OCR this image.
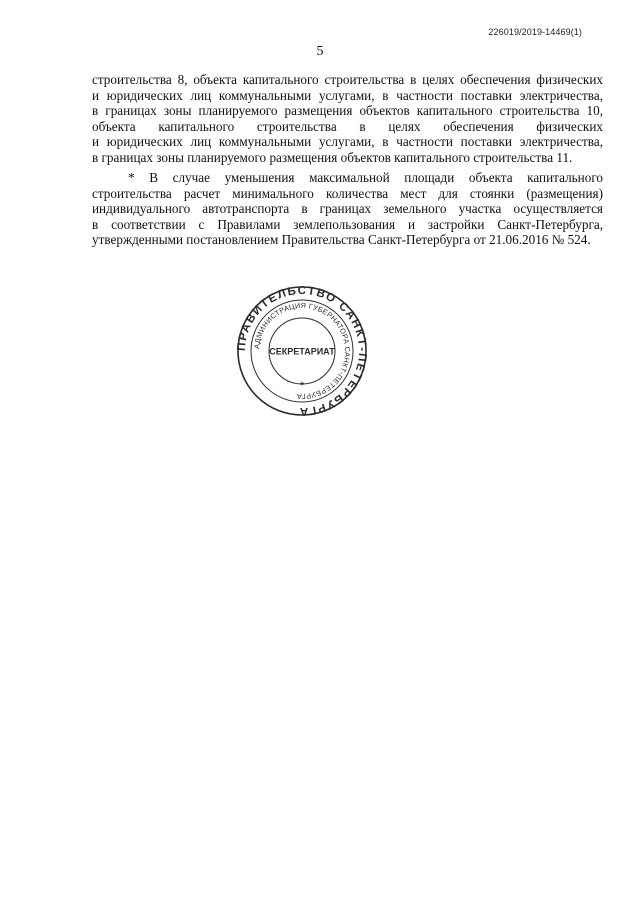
226019/2019-14469(1)
5
строительства 8, объекта капитального строительства в целях обеспечения физических
и юридических лиц коммунальными услугами, в частности поставки электричества,
в границах зоны планируемого размещения объектов капитального строительства 10,
объекта капитального строительства в целях обеспечения физических
и юридических лиц коммунальными услугами, в частности поставки электричества,
в границах зоны планируемого размещения объектов капитального строительства 11.
* В случае уменьшения максимальной площади объекта капитального
строительства расчет минимального количества мест для стоянки (размещения)
индивидуального автотранспорта в границах земельного участка осуществляется
в соответствии с Правилами землепользования и застройки Санкт-Петербурга,
утвержденными постановлением Правительства Санкт-Петербурга от 21.06.2016 № 524.
ПРАВИТЕЛЬСТВО САНКТ-ПЕТЕРБУРГА
АДМИНИСТРАЦИЯ ГУБЕРНАТОРА САНКТ-ПЕТЕРБУРГА
СЕКРЕТАРИАТ
*
